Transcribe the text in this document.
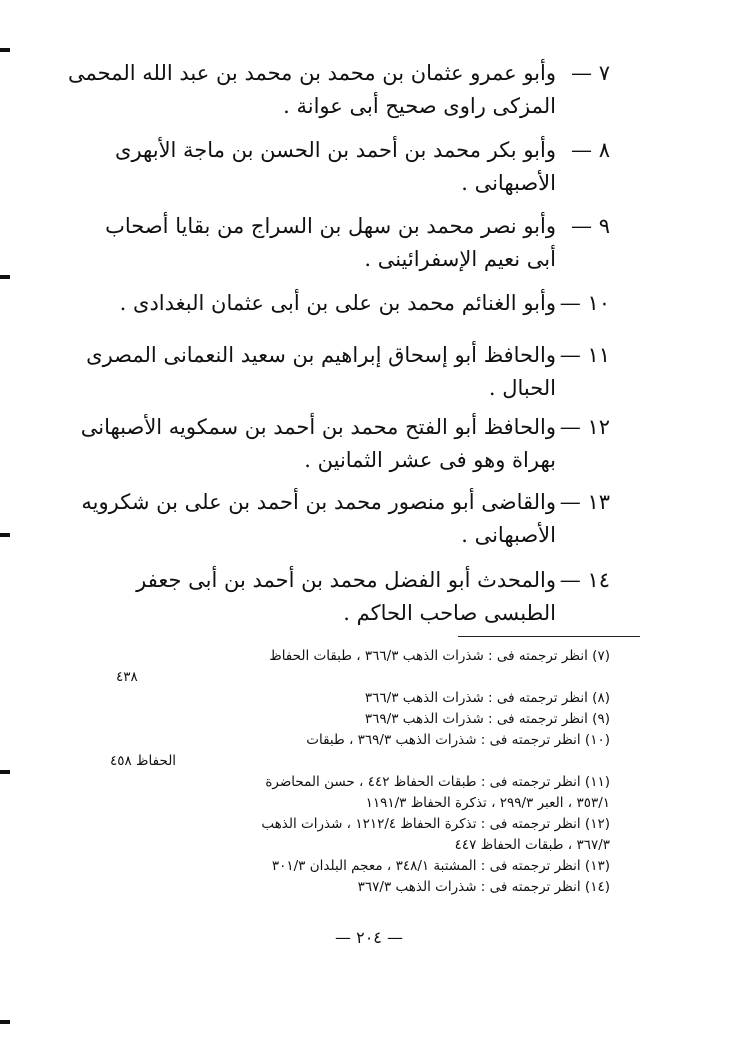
٧ —وأبو عمرو عثمان بن محمد بن محمد بن عبد الله المحمى
المزكى راوى صحيح أبى عوانة .
٨ —وأبو بكر محمد بن أحمد بن الحسن بن ماجة الأبهرى
الأصبهانى .
٩ —وأبو نصر محمد بن سهل بن السراج من بقايا أصحاب
أبى نعيم الإسفرائينى .
١٠ —وأبو الغنائم محمد بن على بن أبى عثمان البغدادى .
١١ —والحافظ أبو إسحاق إبراهيم بن سعيد النعمانى المصرى
الحبال .
١٢ —والحافظ أبو الفتح محمد بن أحمد بن سمكويه الأصبهانى
بهراة وهو فى عشر الثمانين .
١٣ —والقاضى أبو منصور محمد بن أحمد بن على بن شكرويه
الأصبهانى .
١٤ —والمحدث أبو الفضل محمد بن أحمد بن أبى جعفر
الطبسى صاحب الحاكم .
(٧) انظر ترجمته فى : شذرات الذهب ٣٦٦/٣ ، طبقات الحفاظ
٤٣٨
(٨) انظر ترجمته فى : شذرات الذهب ٣٦٦/٣
(٩) انظر ترجمته فى : شذرات الذهب ٣٦٩/٣
(١٠) انظر ترجمته فى : شذرات الذهب ٣٦٩/٣ ، طبقات
الحفاظ ٤٥٨
(١١) انظر ترجمته فى : طبقات الحفاظ ٤٤٢ ، حسن المحاضرة
٣٥٣/١ ، العبر ٢٩٩/٣ ، تذكرة الحفاظ ١١٩١/٣
(١٢) انظر ترجمته فى : تذكرة الحفاظ ١٢١٢/٤ ، شذرات الذهب
٣٦٧/٣ ، طبقات الحفاظ ٤٤٧
(١٣) انظر ترجمته فى : المشتبة ٣٤٨/١ ، معجم البلدان ٣٠١/٣
(١٤) انظر ترجمته فى : شذرات الذهب ٣٦٧/٣
— ٢٠٤ —
